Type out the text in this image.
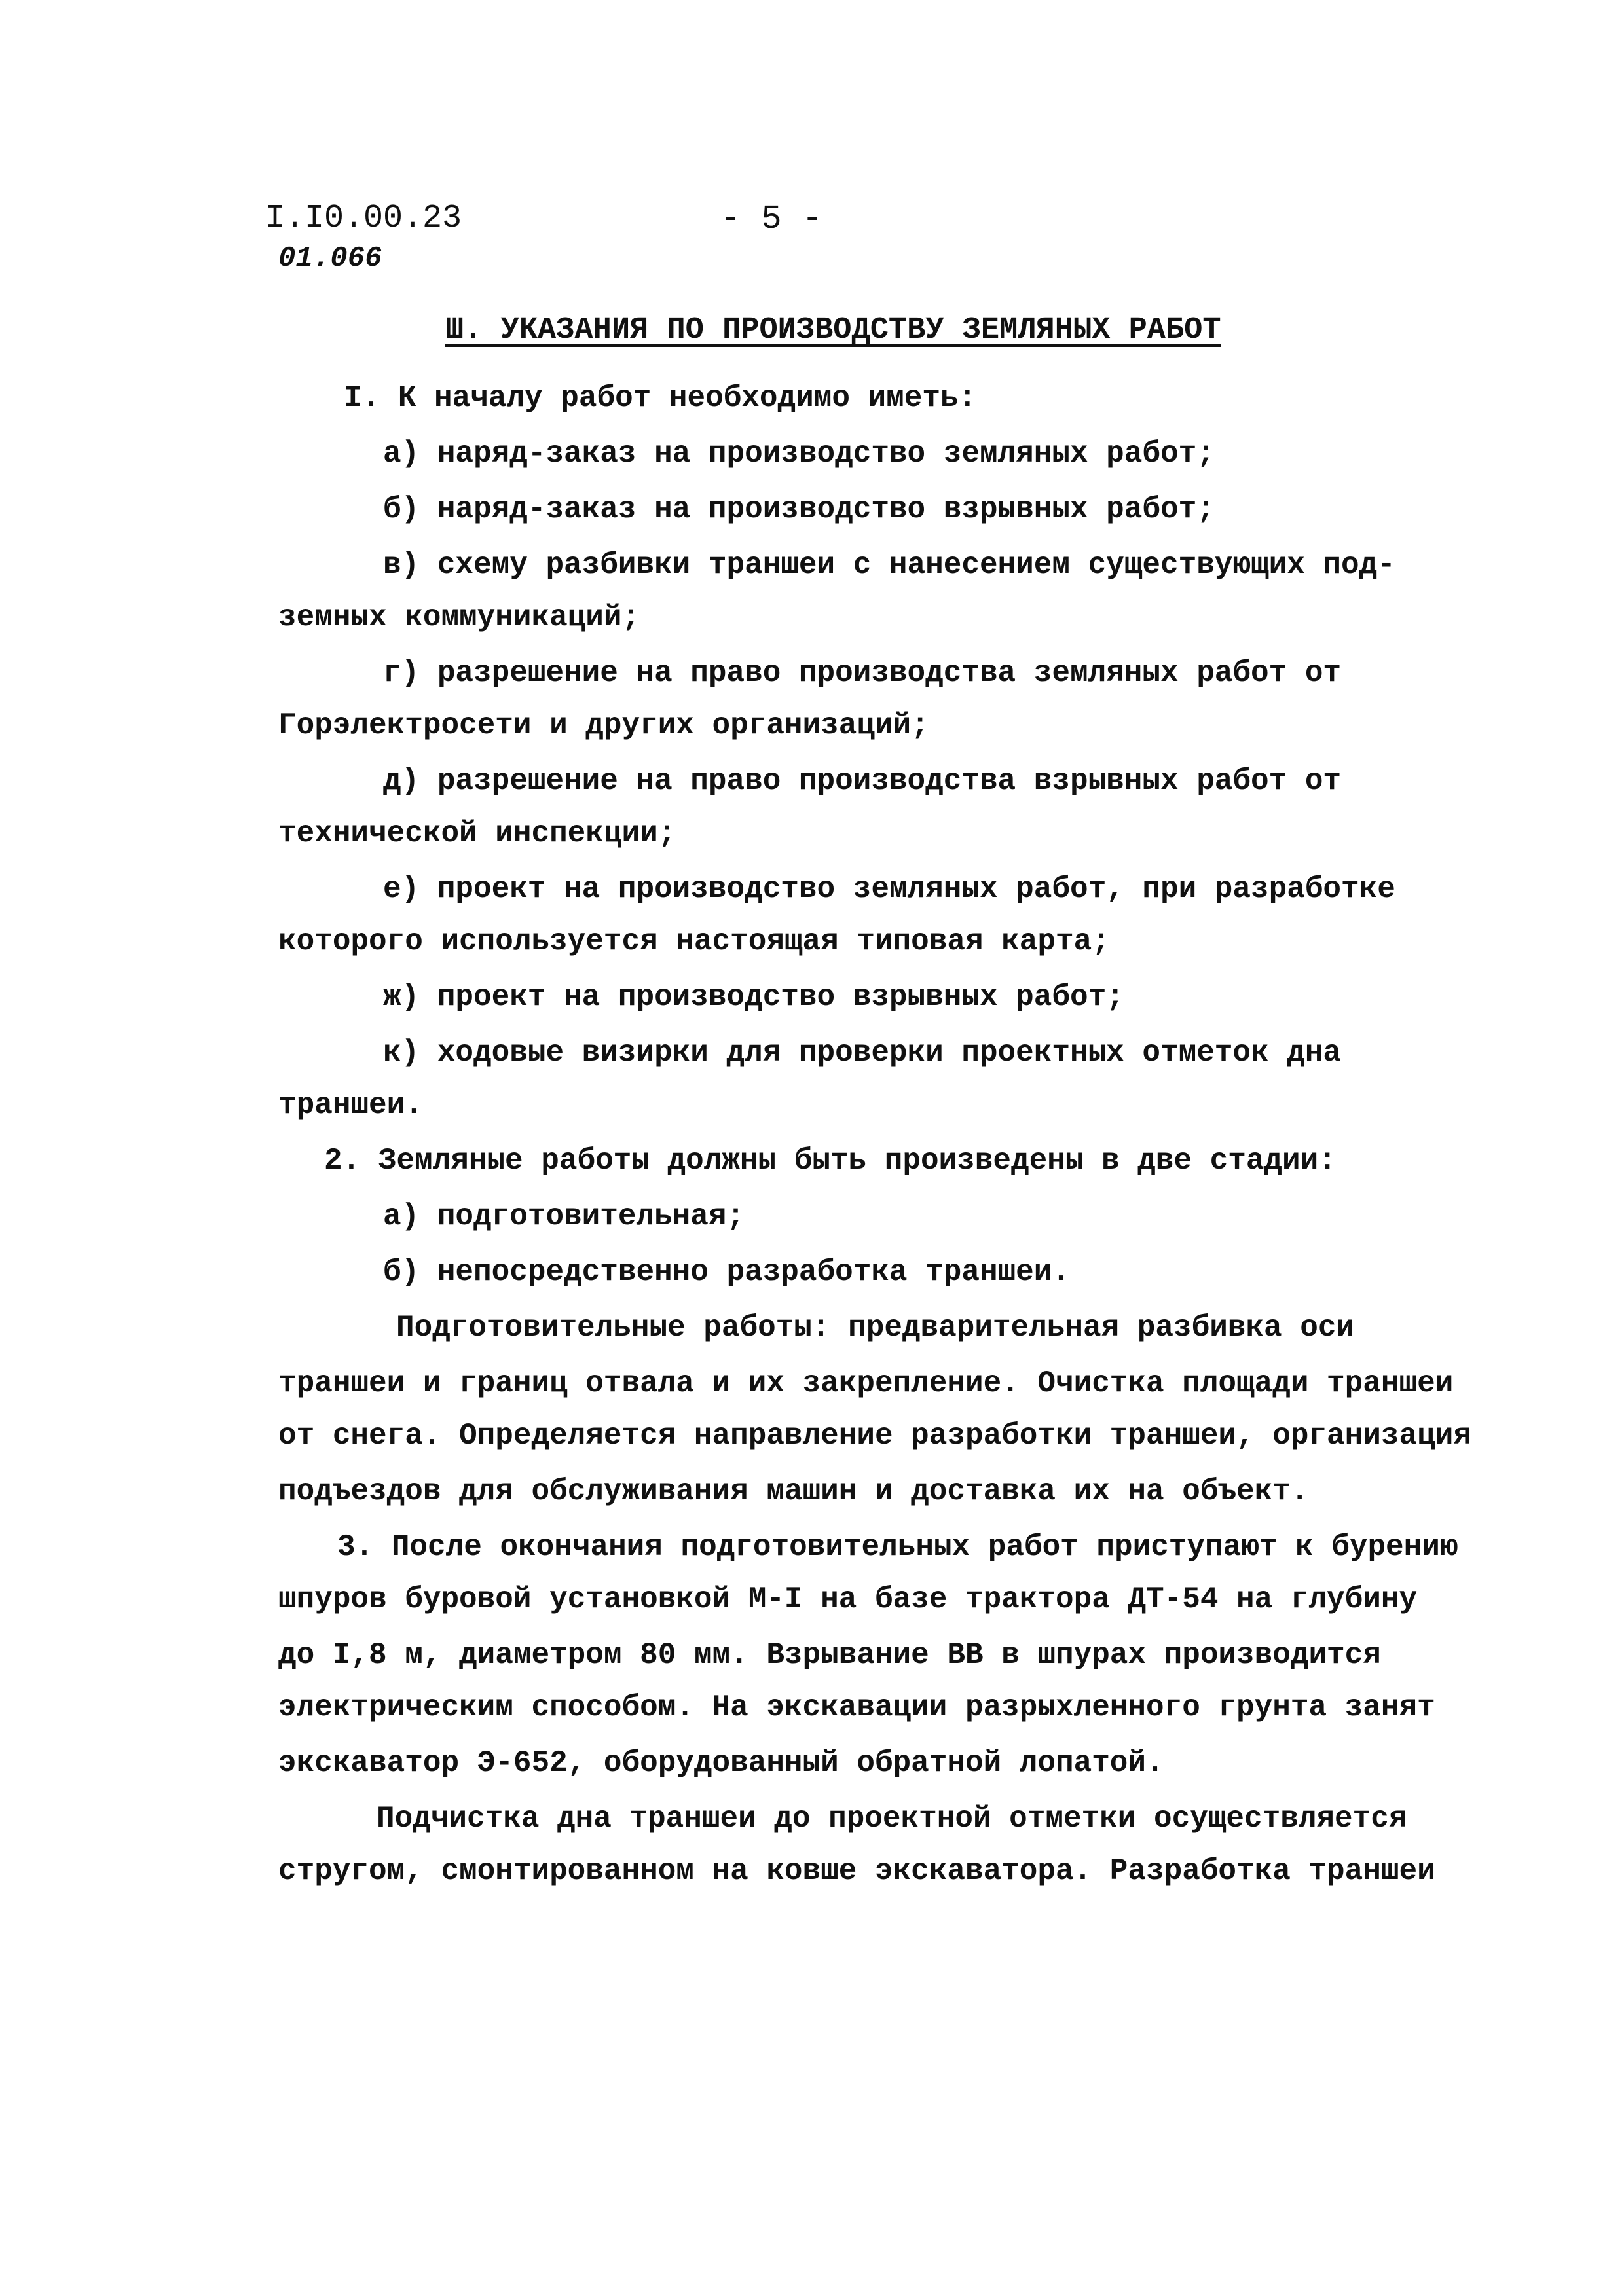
I.I0.00.23
01.066
- 5 -
Ш. УКАЗАНИЯ ПО ПРОИЗВОДСТВУ ЗЕМЛЯНЫХ РАБОТ
I. К началу работ необходимо иметь:
а) наряд-заказ на производство земляных работ;
б) наряд-заказ на производство взрывных работ;
в) схему разбивки траншеи с нанесением существующих под-
земных коммуникаций;
г) разрешение на право производства земляных работ от
Горэлектросети и других организаций;
д) разрешение на право производства взрывных работ от
технической инспекции;
е) проект на производство земляных работ, при разработке
которого используется настоящая типовая карта;
ж) проект на производство взрывных работ;
к) ходовые визирки для проверки проектных отметок дна
траншеи.
2. Земляные работы должны быть произведены в две стадии:
а) подготовительная;
б) непосредственно разработка траншеи.
Подготовительные работы: предварительная разбивка оси
траншеи и границ отвала и их закрепление. Очистка площади траншеи
от снега. Определяется направление разработки траншеи, организация
подъездов для обслуживания машин и доставка их на объект.
3. После окончания подготовительных работ приступают к бурению
шпуров буровой установкой М-I на базе трактора ДТ-54 на глубину
до I,8 м, диаметром 80 мм. Взрывание ВВ в шпурах производится
электрическим способом. На экскавации разрыхленного грунта занят
экскаватор Э-652, оборудованный обратной лопатой.
Подчистка дна траншеи до проектной отметки осуществляется
стругом, смонтированном на ковше экскаватора. Разработка траншеи
